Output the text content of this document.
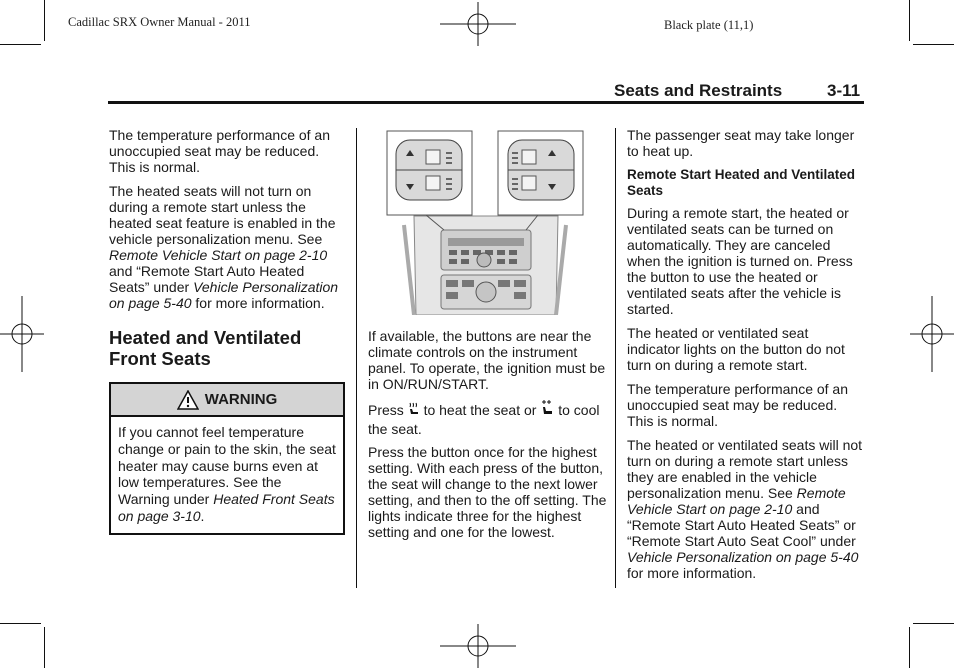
Cadillac SRX Owner Manual - 2011	Black plate (11,1)
Seats and Restraints	3-11

The temperature performance of an unoccupied seat may be reduced. This is normal.

The heated seats will not turn on during a remote start unless the heated seat feature is enabled in the vehicle personalization menu. See Remote Vehicle Start on page 2-10 and “Remote Start Auto Heated Seats” under Vehicle Personalization on page 5-40 for more information.

Heated and Ventilated Front Seats
WARNING
If you cannot feel temperature change or pain to the skin, the seat heater may cause burns even at low temperatures. See the Warning under Heated Front Seats on page 3-10.

If available, the buttons are near the climate controls on the instrument panel. To operate, the ignition must be in ON/RUN/START.

Press  to heat the seat or  to cool the seat.

Press the button once for the highest setting. With each press of the button, the seat will change to the next lower setting, and then to the off setting. The lights indicate three for the highest setting and one for the lowest.

The passenger seat may take longer to heat up.

Remote Start Heated and Ventilated Seats

During a remote start, the heated or ventilated seats can be turned on automatically. They are canceled when the ignition is turned on. Press the button to use the heated or ventilated seats after the vehicle is started.

The heated or ventilated seat indicator lights on the button do not turn on during a remote start.

The temperature performance of an unoccupied seat may be reduced. This is normal.

The heated or ventilated seats will not turn on during a remote start unless they are enabled in the vehicle personalization menu. See Remote Vehicle Start on page 2-10 and “Remote Start Auto Heated Seats” or “Remote Start Auto Seat Cool” under Vehicle Personalization on page 5-40 for more information.
